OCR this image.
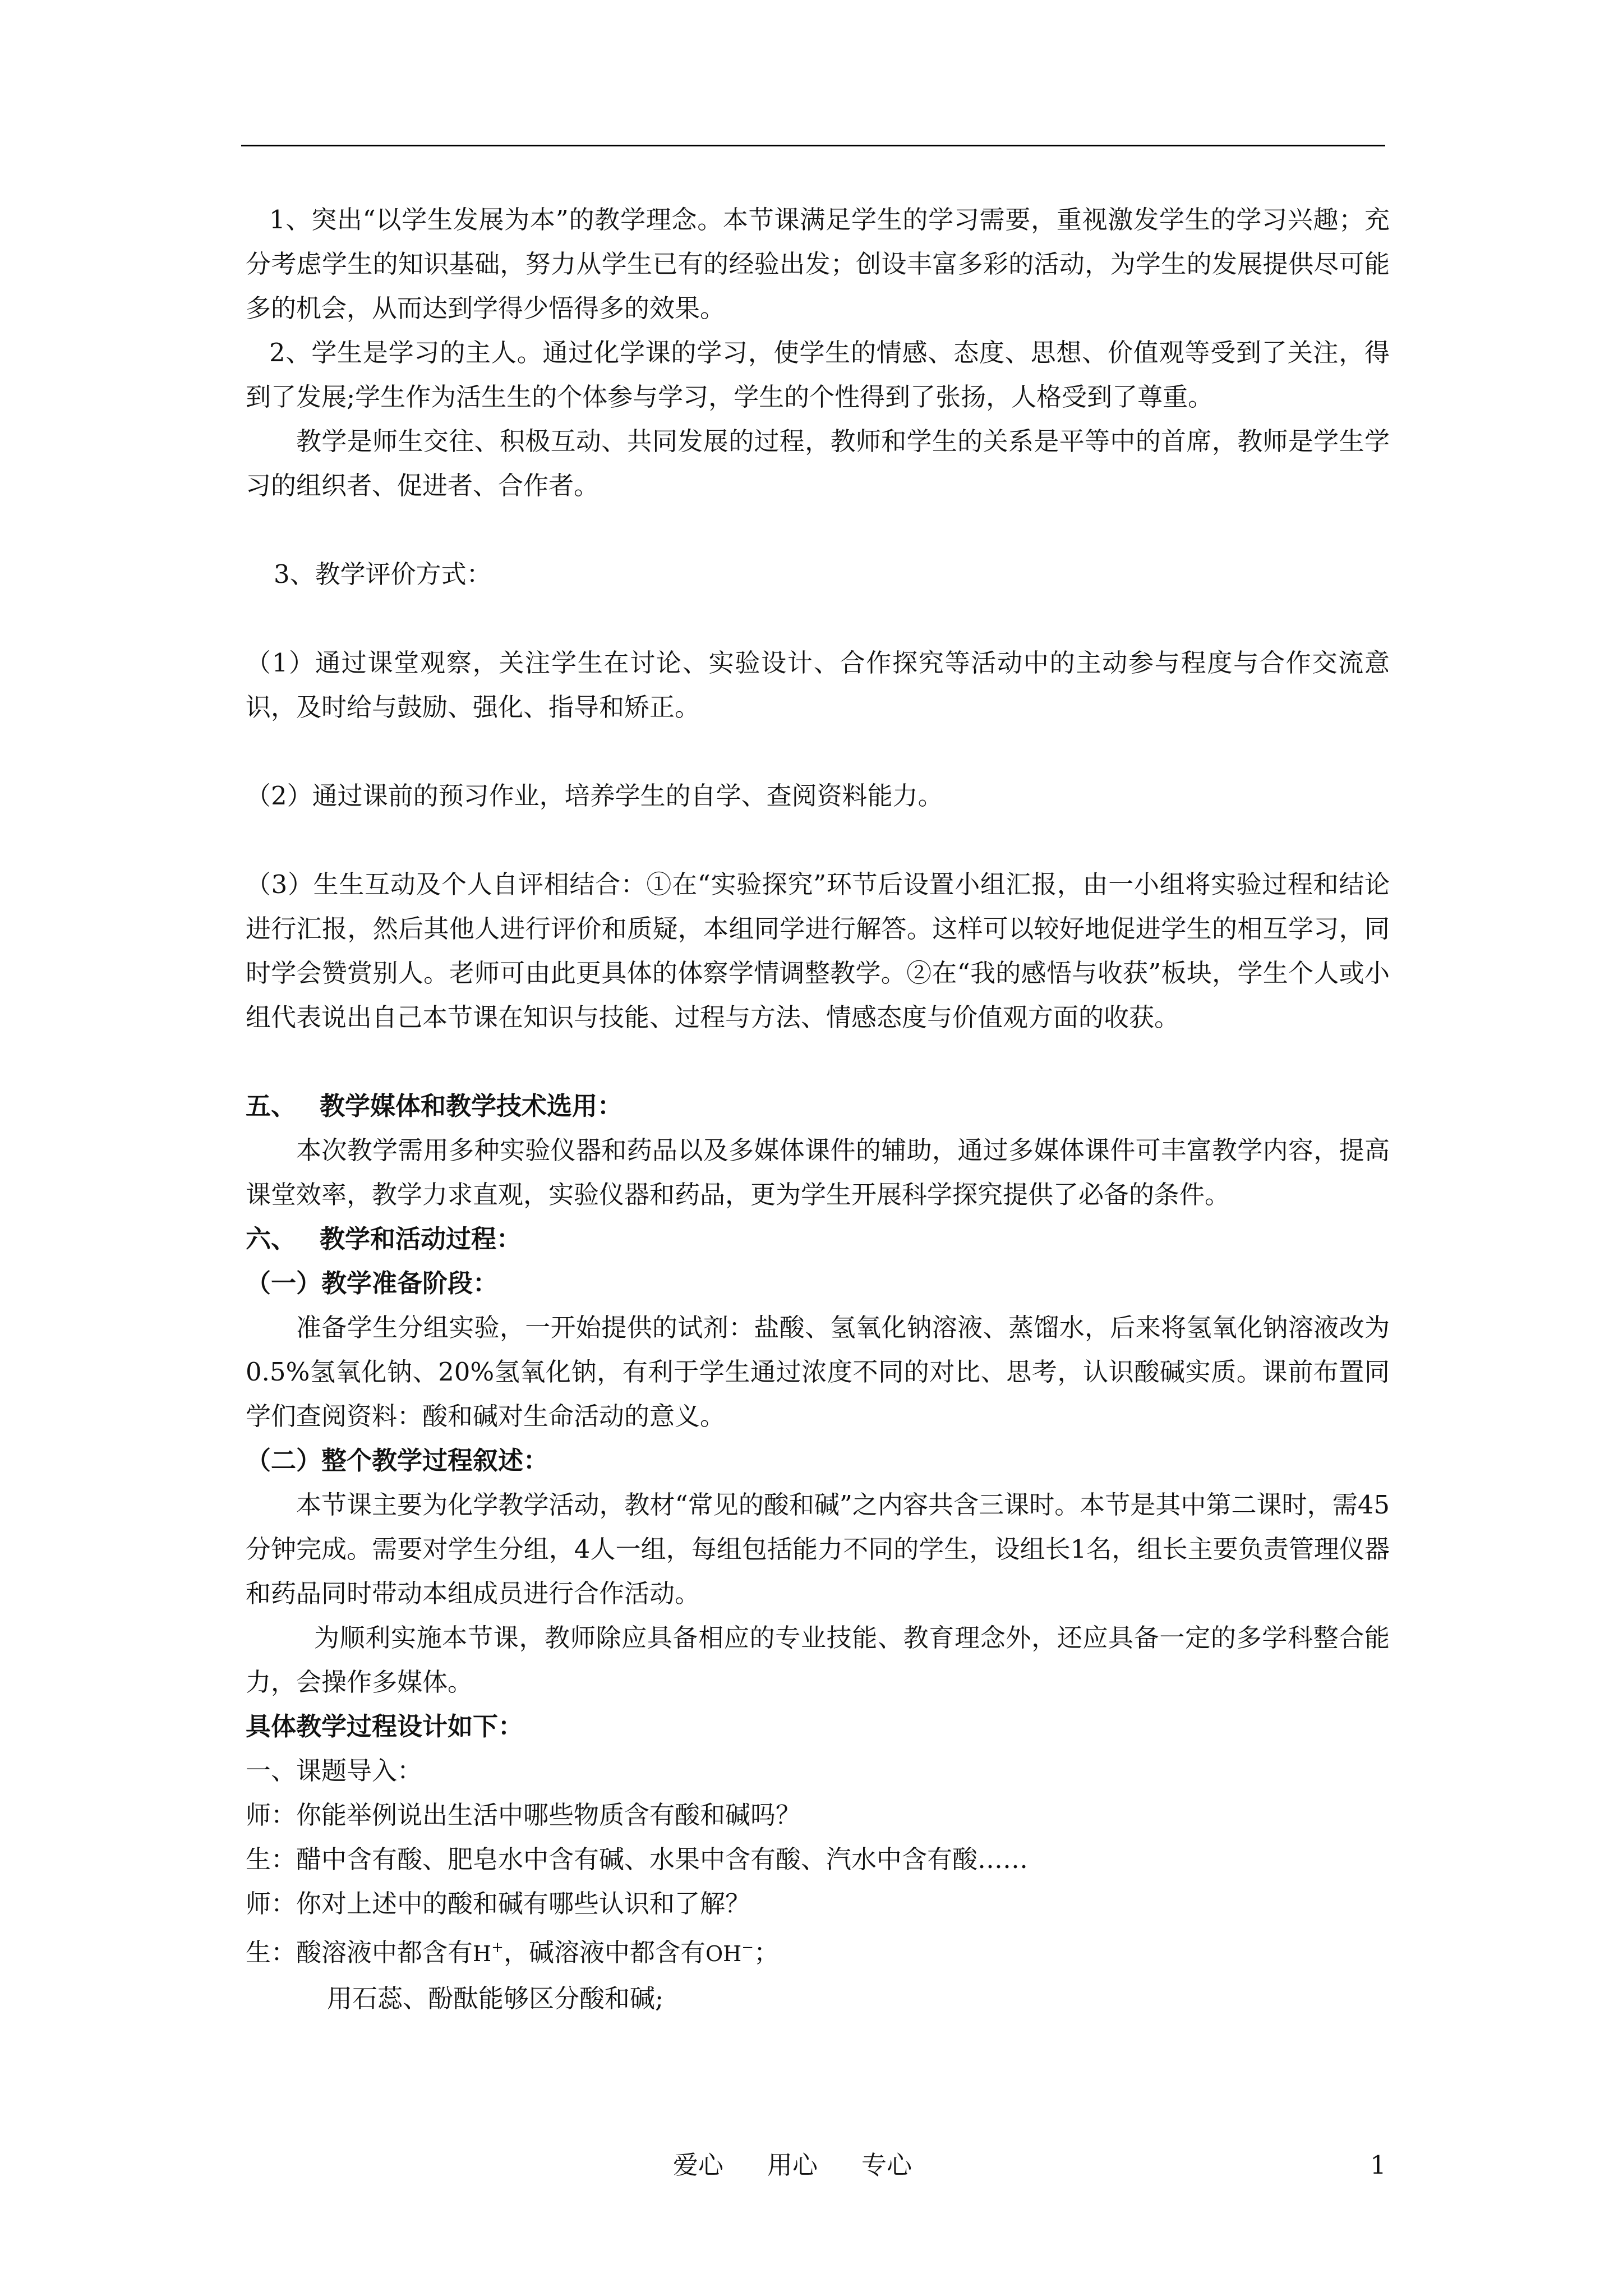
1、突出“以学生发展为本”的教学理念。本节课满足学生的学习需要，重视激发学生的学习兴趣；充分考虑学生的知识基础，努力从学生已有的经验出发；创设丰富多彩的活动，为学生的发展提供尽可能多的机会，从而达到学得少悟得多的效果。

2、学生是学习的主人。通过化学课的学习，使学生的情感、态度、思想、价值观等受到了关注，得到了发展;学生作为活生生的个体参与学习，学生的个性得到了张扬，人格受到了尊重。

教学是师生交往、积极互动、共同发展的过程，教师和学生的关系是平等中的首席，教师是学生学习的组织者、促进者、合作者。

3、教学评价方式：

（1）通过课堂观察，关注学生在讨论、实验设计、合作探究等活动中的主动参与程度与合作交流意识，及时给与鼓励、强化、指导和矫正。

（2）通过课前的预习作业，培养学生的自学、查阅资料能力。

（3）生生互动及个人自评相结合：①在“实验探究”环节后设置小组汇报，由一小组将实验过程和结论进行汇报，然后其他人进行评价和质疑，本组同学进行解答。这样可以较好地促进学生的相互学习，同时学会赞赏别人。老师可由此更具体的体察学情调整教学。②在“我的感悟与收获”板块，学生个人或小组代表说出自己本节课在知识与技能、过程与方法、情感态度与价值观方面的收获。

五、 教学媒体和教学技术选用：

本次教学需用多种实验仪器和药品以及多媒体课件的辅助，通过多媒体课件可丰富教学内容，提高课堂效率，教学力求直观，实验仪器和药品，更为学生开展科学探究提供了必备的条件。

六、 教学和活动过程：

（一）教学准备阶段：

准备学生分组实验，一开始提供的试剂：盐酸、氢氧化钠溶液、蒸馏水，后来将氢氧化钠溶液改为0.5%氢氧化钠、20%氢氧化钠，有利于学生通过浓度不同的对比、思考，认识酸碱实质。课前布置同学们查阅资料：酸和碱对生命活动的意义。

（二）整个教学过程叙述：

本节课主要为化学教学活动，教材“常见的酸和碱”之内容共含三课时。本节是其中第二课时，需45分钟完成。需要对学生分组，4人一组，每组包括能力不同的学生，设组长1名，组长主要负责管理仪器和药品同时带动本组成员进行合作活动。

为顺利实施本节课，教师除应具备相应的专业技能、教育理念外，还应具备一定的多学科整合能力，会操作多媒体。

具体教学过程设计如下：

一、课题导入：

师：你能举例说出生活中哪些物质含有酸和碱吗？

生：醋中含有酸、肥皂水中含有碱、水果中含有酸、汽水中含有酸……

师：你对上述中的酸和碱有哪些认识和了解？

生：酸溶液中都含有H+，碱溶液中都含有OH−；

用石蕊、酚酞能够区分酸和碱;

爱心 用心 专心	1
